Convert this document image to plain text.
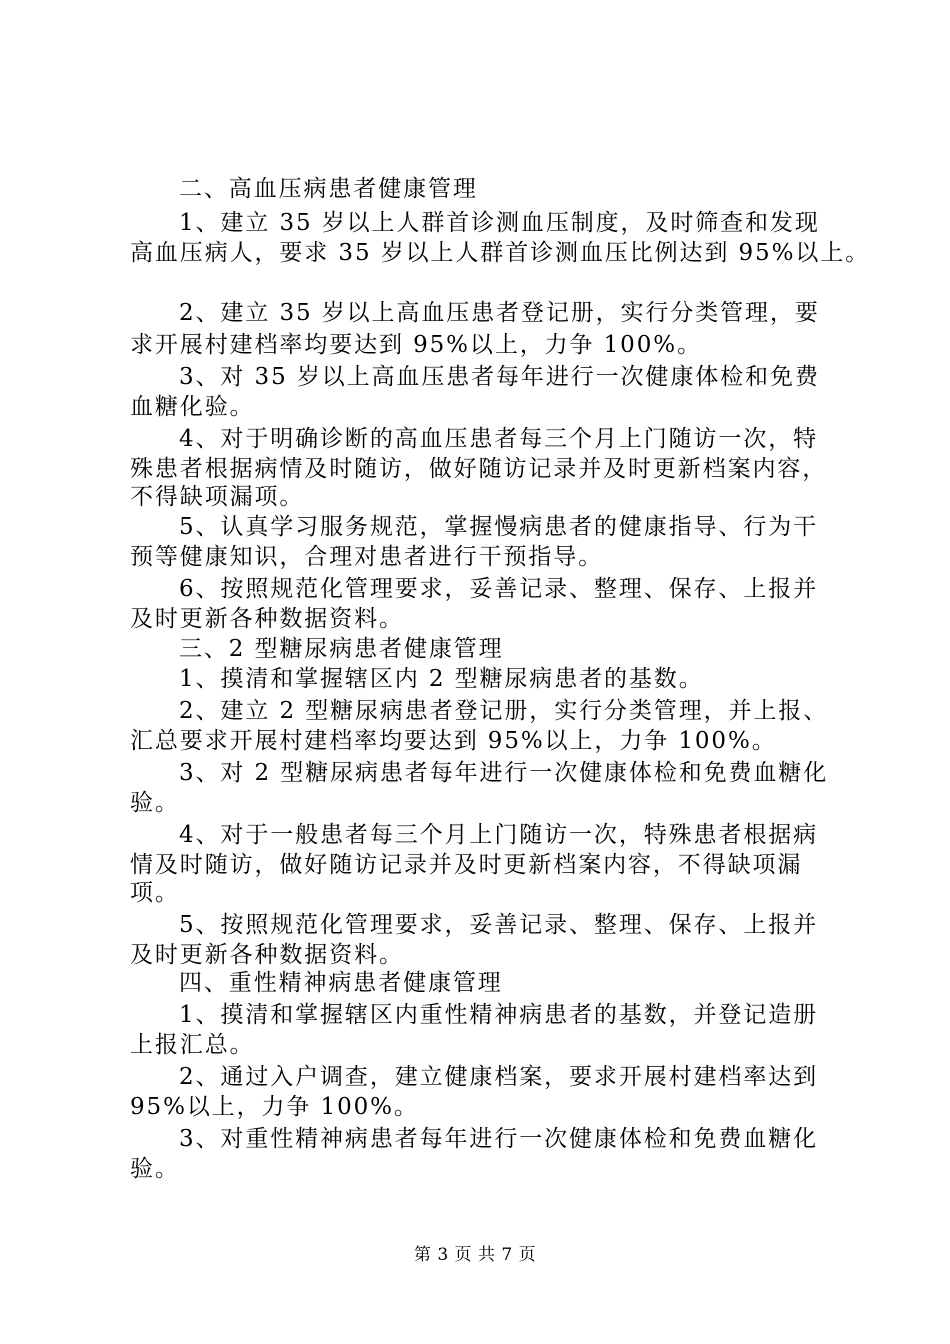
二、高血压病患者健康管理
1、建立 35 岁以上人群首诊测血压制度，及时筛查和发现
高血压病人，要求 35 岁以上人群首诊测血压比例达到 95%以上。
2、建立 35 岁以上高血压患者登记册，实行分类管理，要
求开展村建档率均要达到 95%以上，力争 100%。
3、对 35 岁以上高血压患者每年进行一次健康体检和免费
血糖化验。
4、对于明确诊断的高血压患者每三个月上门随访一次，特
殊患者根据病情及时随访，做好随访记录并及时更新档案内容，
不得缺项漏项。
5、认真学习服务规范，掌握慢病患者的健康指导、行为干
预等健康知识，合理对患者进行干预指导。
6、按照规范化管理要求，妥善记录、整理、保存、上报并
及时更新各种数据资料。
三、2 型糖尿病患者健康管理
1、摸清和掌握辖区内 2 型糖尿病患者的基数。
2、建立 2 型糖尿病患者登记册，实行分类管理，并上报、
汇总要求开展村建档率均要达到 95%以上，力争 100%。
3、对 2 型糖尿病患者每年进行一次健康体检和免费血糖化
验。
4、对于一般患者每三个月上门随访一次，特殊患者根据病
情及时随访，做好随访记录并及时更新档案内容，不得缺项漏
项。
5、按照规范化管理要求，妥善记录、整理、保存、上报并
及时更新各种数据资料。
四、重性精神病患者健康管理
1、摸清和掌握辖区内重性精神病患者的基数，并登记造册
上报汇总。
2、通过入户调查，建立健康档案，要求开展村建档率达到
95%以上，力争 100%。
3、对重性精神病患者每年进行一次健康体检和免费血糖化
验。
第 3 页 共 7 页
